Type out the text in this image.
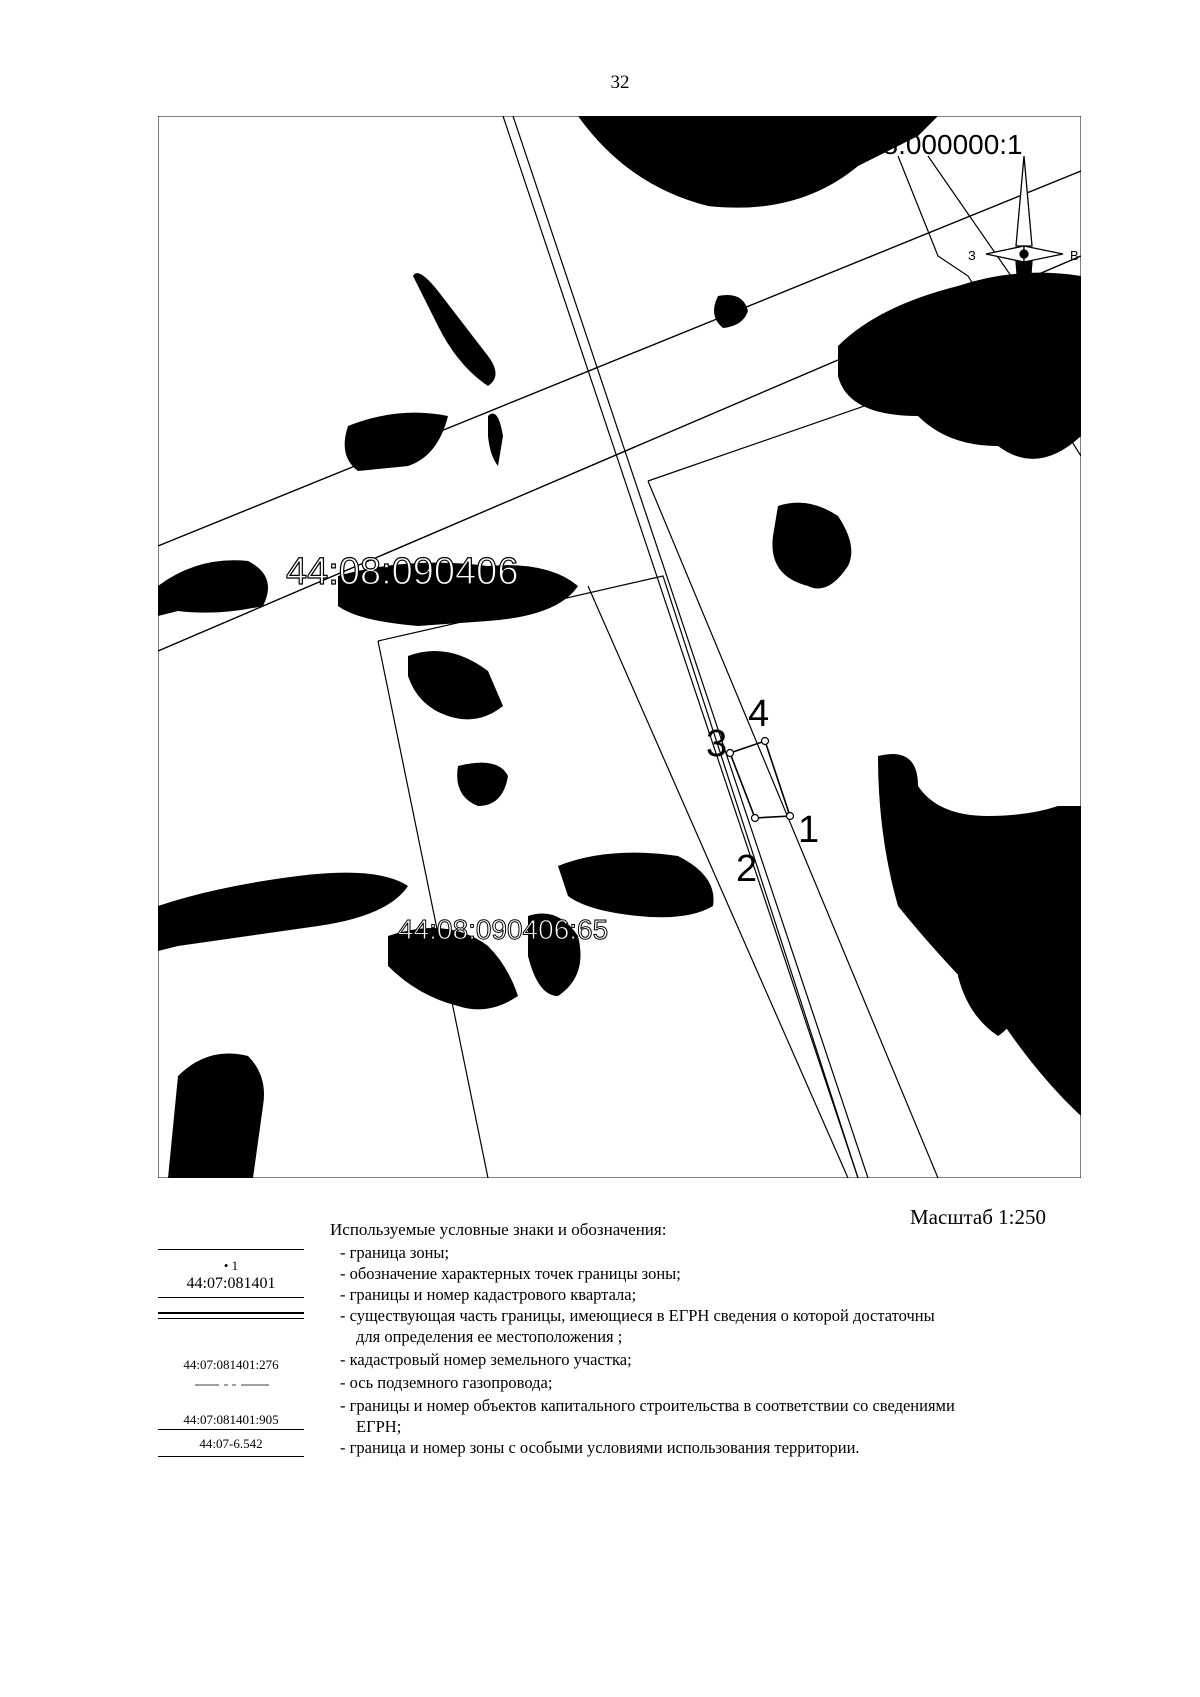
32
44:08:000000:1
44:08:090406
44:08:090406:65
1
2
3
4
З	В
Ю
Масштаб 1:250
Используемые условные знаки и обозначения:
• 1
44:07:081401
44:07:081401:276
44:07:081401:905
44:07-6.542
- граница зоны;
- обозначение характерных точек границы зоны;
- границы и номер кадастрового квартала;
- существующая часть границы, имеющиеся в ЕГРН сведения о которой достаточны
для определения ее местоположения ;
- кадастровый номер земельного участка;
- ось подземного газопровода;
- границы и номер объектов капитального строительства в соответствии со сведениями
ЕГРН;
- граница и номер зоны с особыми условиями использования территории.
